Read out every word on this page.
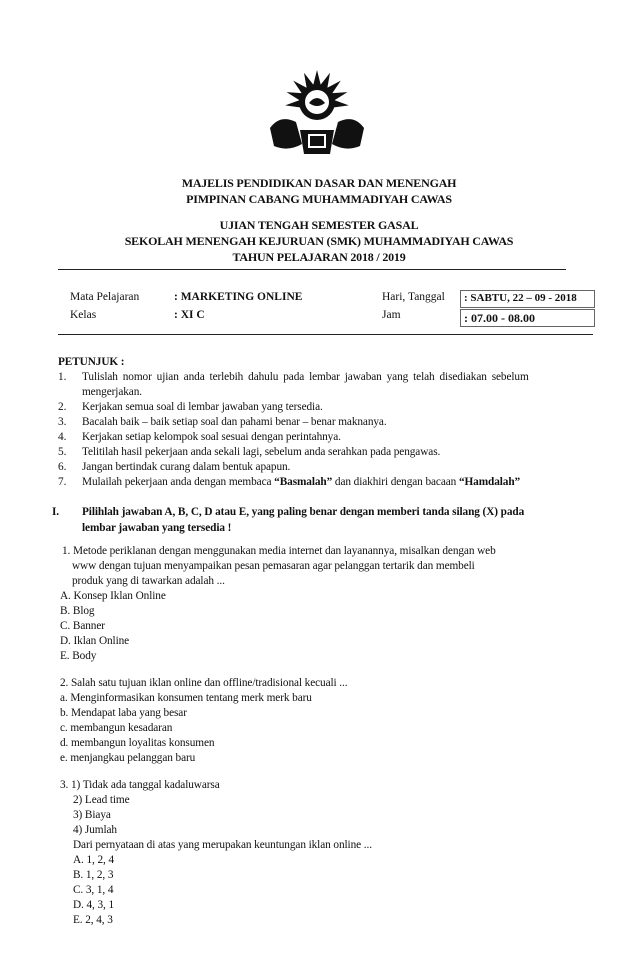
MAJELIS PENDIDIKAN DASAR DAN MENENGAH
PIMPINAN CABANG MUHAMMADIYAH CAWAS
UJIAN TENGAH SEMESTER GASAL
SEKOLAH MENENGAH KEJURUAN (SMK) MUHAMMADIYAH CAWAS
TAHUN PELAJARAN 2018 / 2019
Mata Pelajaran	: MARKETING ONLINE	Hari, Tanggal : SABTU, 22 – 09 - 2018
Kelas	: XI C	Jam	: 07.00 - 08.00
PETUNJUK :
1. Tulislah nomor ujian anda terlebih dahulu pada lembar jawaban yang telah disediakan sebelum
mengerjakan.
2. Kerjakan semua soal di lembar jawaban yang tersedia.
3. Bacalah baik – baik setiap soal dan pahami benar – benar maknanya.
4. Kerjakan setiap kelompok soal sesuai dengan perintahnya.
5. Telitilah hasil pekerjaan anda sekali lagi, sebelum anda serahkan pada pengawas.
6. Jangan bertindak curang dalam bentuk apapun.
7. Mulailah pekerjaan anda dengan membaca “Basmalah” dan diakhiri dengan bacaan “Hamdalah”
I. Pilihlah jawaban A, B, C, D atau E, yang paling benar dengan memberi tanda silang (X) pada
lembar jawaban yang tersedia !
1. Metode periklanan dengan menggunakan media internet dan layanannya, misalkan dengan web
www dengan tujuan menyampaikan pesan pemasaran agar pelanggan tertarik dan membeli
produk yang di tawarkan adalah ...
A. Konsep Iklan Online
B. Blog
C. Banner
D. Iklan Online
E. Body
2. Salah satu tujuan iklan online dan offline/tradisional kecuali ...
a. Menginformasikan konsumen tentang merk merk baru
b. Mendapat laba yang besar
c. membangun kesadaran
d. membangun loyalitas konsumen
e. menjangkau pelanggan baru
3. 1) Tidak ada tanggal kadaluwarsa
2) Lead time
3) Biaya
4) Jumlah
Dari pernyataan di atas yang merupakan keuntungan iklan online ...
A. 1, 2, 4
B. 1, 2, 3
C. 3, 1, 4
D. 4, 3, 1
E. 2, 4, 3
